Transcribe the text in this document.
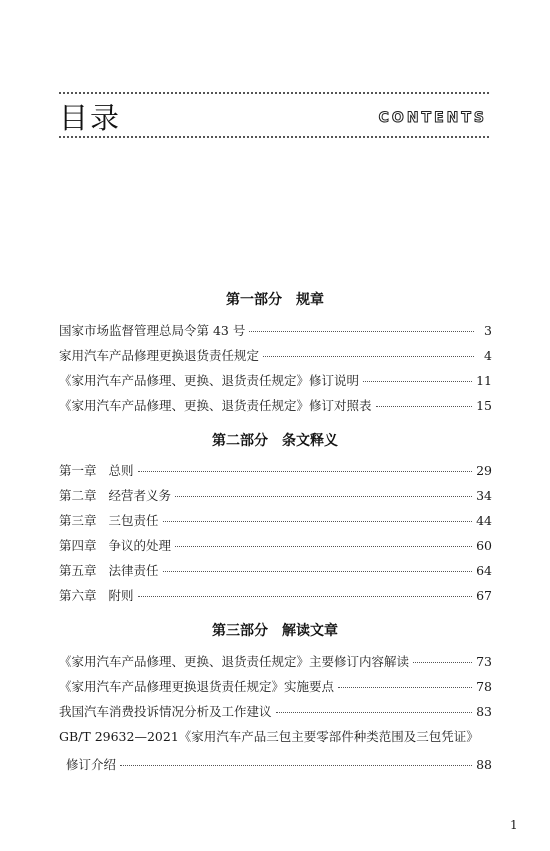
目录	CONTENTS
第一部分 规章
国家市场监督管理总局令第 43 号	3
家用汽车产品修理更换退货责任规定	4
《家用汽车产品修理、更换、退货责任规定》修订说明	11
《家用汽车产品修理、更换、退货责任规定》修订对照表	15
第二部分 条文释义
第一章 总则	29
第二章 经营者义务	34
第三章 三包责任	44
第四章 争议的处理	60
第五章 法律责任	64
第六章 附则	67
第三部分 解读文章
《家用汽车产品修理、更换、退货责任规定》主要修订内容解读	73
《家用汽车产品修理更换退货责任规定》实施要点	78
我国汽车消费投诉情况分析及工作建议	83
GB/T 29632—2021《家用汽车产品三包主要零部件种类范围及三包凭证》
修订介绍	88
1
